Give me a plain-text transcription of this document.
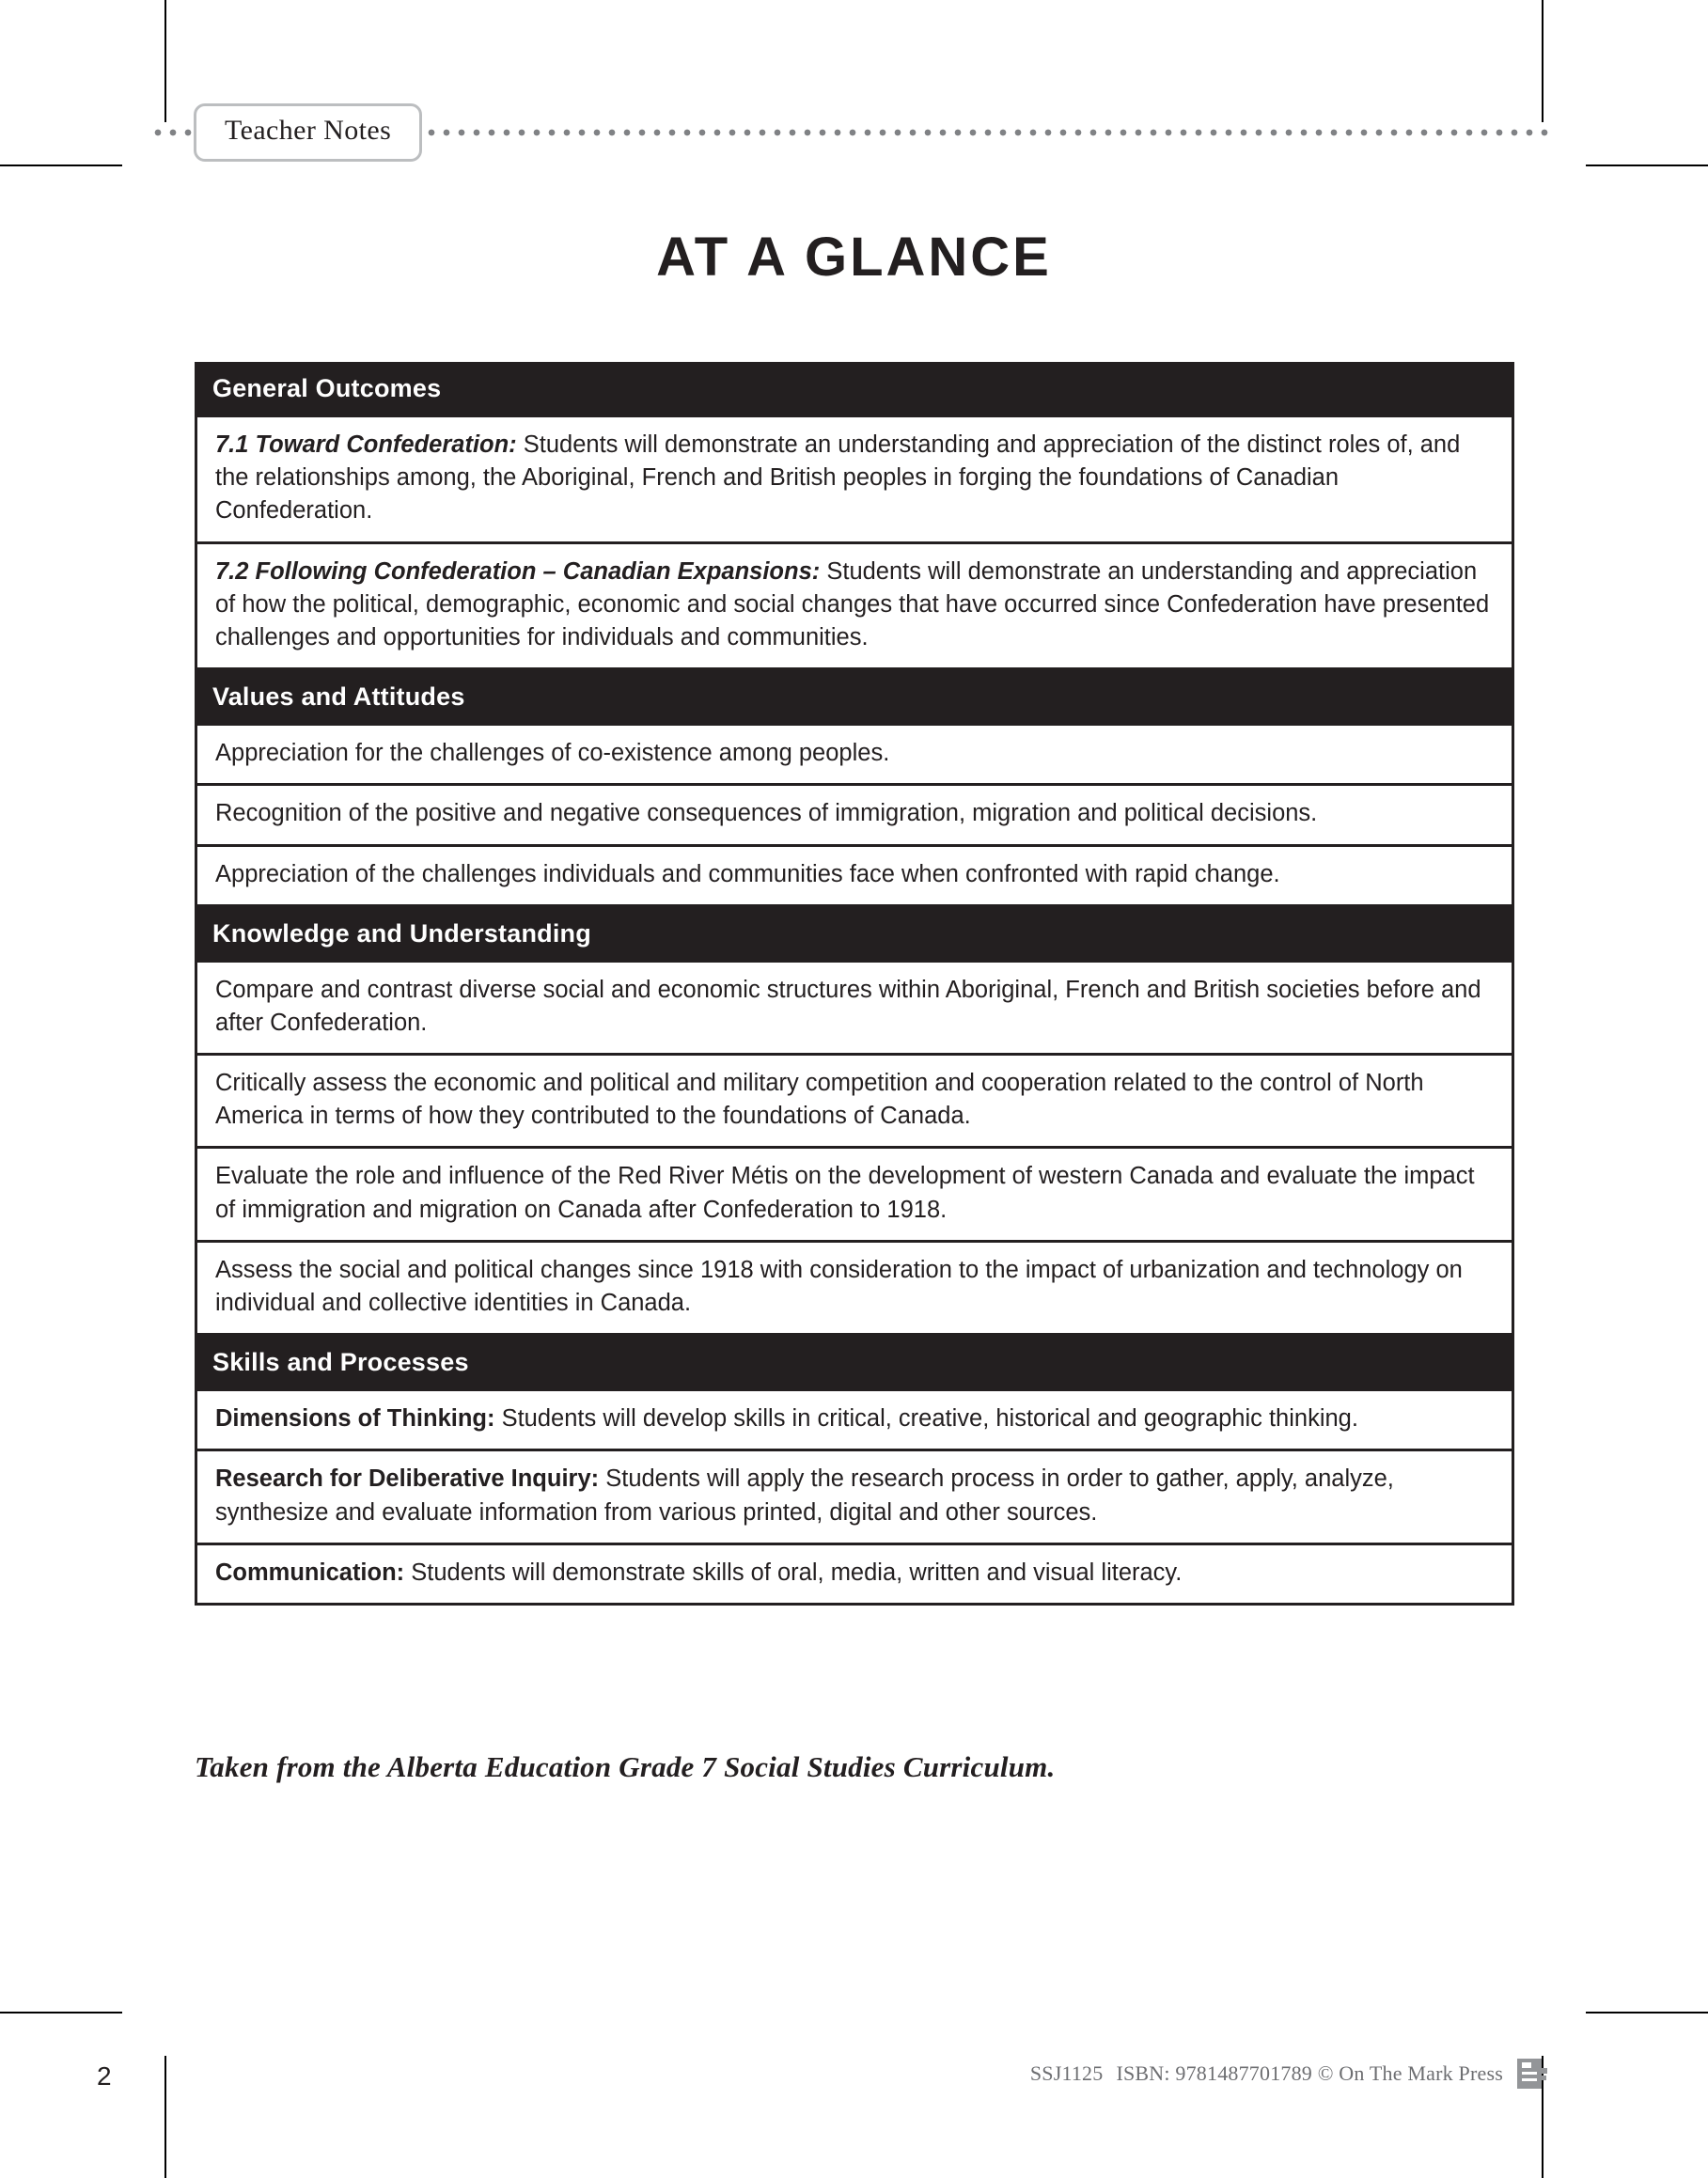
Teacher Notes
AT A GLANCE
General Outcomes
7.1 Toward Confederation: Students will demonstrate an understanding and appreciation of the distinct roles of, and the relationships among, the Aboriginal, French and British peoples in forging the foundations of Canadian Confederation.
7.2 Following Confederation – Canadian Expansions: Students will demonstrate an understanding and appreciation of how the political, demographic, economic and social changes that have occurred since Confederation have presented challenges and opportunities for individuals and communities.
Values and Attitudes
Appreciation for the challenges of co-existence among peoples.
Recognition of the positive and negative consequences of immigration, migration and political decisions.
Appreciation of the challenges individuals and communities face when confronted with rapid change.
Knowledge and Understanding
Compare and contrast diverse social and economic structures within Aboriginal, French and British societies before and after Confederation.
Critically assess the economic and political and military competition and cooperation related to the control of North America in terms of how they contributed to the foundations of Canada.
Evaluate the role and influence of the Red River Métis on the development of western Canada and evaluate the impact of immigration and migration on Canada after Confederation to 1918.
Assess the social and political changes since 1918 with consideration to the impact of urbanization and technology on individual and collective identities in Canada.
Skills and Processes
Dimensions of Thinking: Students will develop skills in critical, creative, historical and geographic thinking.
Research for Deliberative Inquiry: Students will apply the research process in order to gather, apply, analyze, synthesize and evaluate information from various printed, digital and other sources.
Communication: Students will demonstrate skills of oral, media, written and visual literacy.
Taken from the Alberta Education Grade 7 Social Studies Curriculum.
2	SSJ1125 ISBN: 9781487701789 © On The Mark Press
